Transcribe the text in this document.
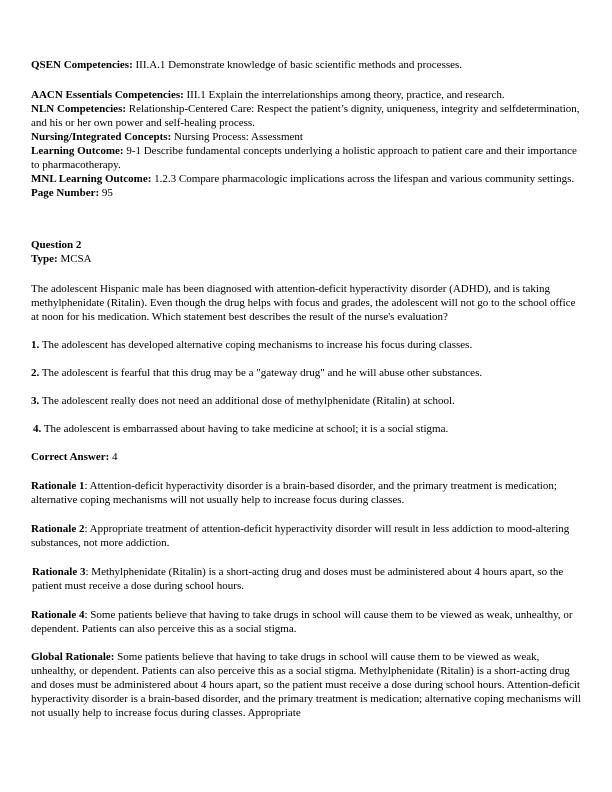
QSEN Competencies: III.A.1 Demonstrate knowledge of basic scientific methods and processes.

AACN Essentials Competencies: III.1 Explain the interrelationships among theory, practice, and research.

NLN Competencies: Relationship-Centered Care: Respect the patient’s dignity, uniqueness, integrity and selfdetermination, and his or her own power and self-healing process.

Nursing/Integrated Concepts: Nursing Process: Assessment

Learning Outcome: 9-1 Describe fundamental concepts underlying a holistic approach to patient care and their importance to pharmacotherapy.

MNL Learning Outcome: 1.2.3 Compare pharmacologic implications across the lifespan and various community settings.

Page Number: 95

Question 2

Type: MCSA

The adolescent Hispanic male has been diagnosed with attention-deficit hyperactivity disorder (ADHD), and is taking methylphenidate (Ritalin). Even though the drug helps with focus and grades, the adolescent will not go to the school office at noon for his medication. Which statement best describes the result of the nurse's evaluation?

1. The adolescent has developed alternative coping mechanisms to increase his focus during classes.

2. The adolescent is fearful that this drug may be a "gateway drug" and he will abuse other substances.

3. The adolescent really does not need an additional dose of methylphenidate (Ritalin) at school.

4. The adolescent is embarrassed about having to take medicine at school; it is a social stigma.

Correct Answer: 4

Rationale 1: Attention-deficit hyperactivity disorder is a brain-based disorder, and the primary treatment is medication; alternative coping mechanisms will not usually help to increase focus during classes.

Rationale 2: Appropriate treatment of attention-deficit hyperactivity disorder will result in less addiction to mood-altering substances, not more addiction.

Rationale 3: Methylphenidate (Ritalin) is a short-acting drug and doses must be administered about 4 hours apart, so the patient must receive a dose during school hours.

Rationale 4: Some patients believe that having to take drugs in school will cause them to be viewed as weak, unhealthy, or dependent. Patients can also perceive this as a social stigma.

Global Rationale: Some patients believe that having to take drugs in school will cause them to be viewed as weak, unhealthy, or dependent. Patients can also perceive this as a social stigma. Methylphenidate (Ritalin) is a short-acting drug and doses must be administered about 4 hours apart, so the patient must receive a dose during school hours. Attention-deficit hyperactivity disorder is a brain-based disorder, and the primary treatment is medication; alternative coping mechanisms will not usually help to increase focus during classes. Appropriate
